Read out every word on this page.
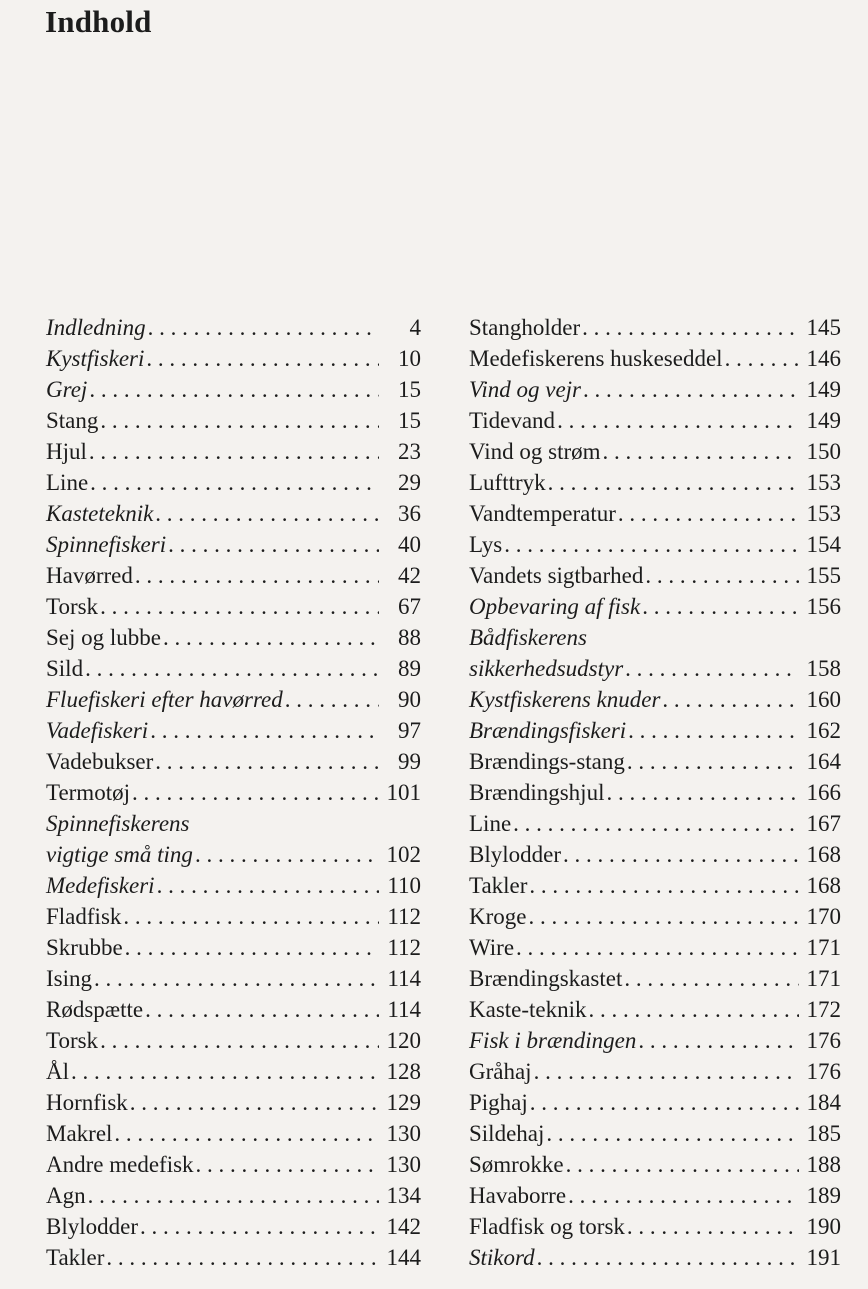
Indhold
Indledning . . .	4
Kystfiskeri . . .	10
Grej . . .	15
Stang . . .	15
Hjul . . .	23
Line . . .	29
Kasteteknik . . .	36
Spinnefiskeri . . .	40
Havørred . . .	42
Torsk . . .	67
Sej og lubbe . . .	88
Sild . . .	89
Fluefiskeri efter havørred . . .	90
Vadefiskeri . . .	97
Vadebukser . . .	99
Termotøj . . .	101
Spinnefiskerens
vigtige små ting . . .	102
Medefiskeri . . .	110
Fladfisk . . .	112
Skrubbe . . .	112
Ising . . .	114
Rødspætte . . .	114
Torsk . . .	120
Ål . . .	128
Hornfisk . . .	129
Makrel . . .	130
Andre medefisk . . .	130
Agn . . .	134
Blylodder . . .	142
Takler . . .	144
Stangholder . . .	145
Medefiskerens huskeseddel . . .	146
Vind og vejr . . .	149
Tidevand . . .	149
Vind og strøm . . .	150
Lufttryk . . .	153
Vandtemperatur . . .	153
Lys . . .	154
Vandets sigtbarhed . . .	155
Opbevaring af fisk . . .	156
Bådfiskerens
sikkerhedsudstyr . . .	158
Kystfiskerens knuder . . .	160
Brændingsfiskeri . . .	162
Brændings-stang . . .	164
Brændingshjul . . .	166
Line . . .	167
Blylodder . . .	168
Takler . . .	168
Kroge . . .	170
Wire . . .	171
Brændingskastet . . .	171
Kaste-teknik . . .	172
Fisk i brændingen . . .	176
Gråhaj . . .	176
Pighaj . . .	184
Sildehaj . . .	185
Sømrokke . . .	188
Havaborre . . .	189
Fladfisk og torsk . . .	190
Stikord . . .	191
